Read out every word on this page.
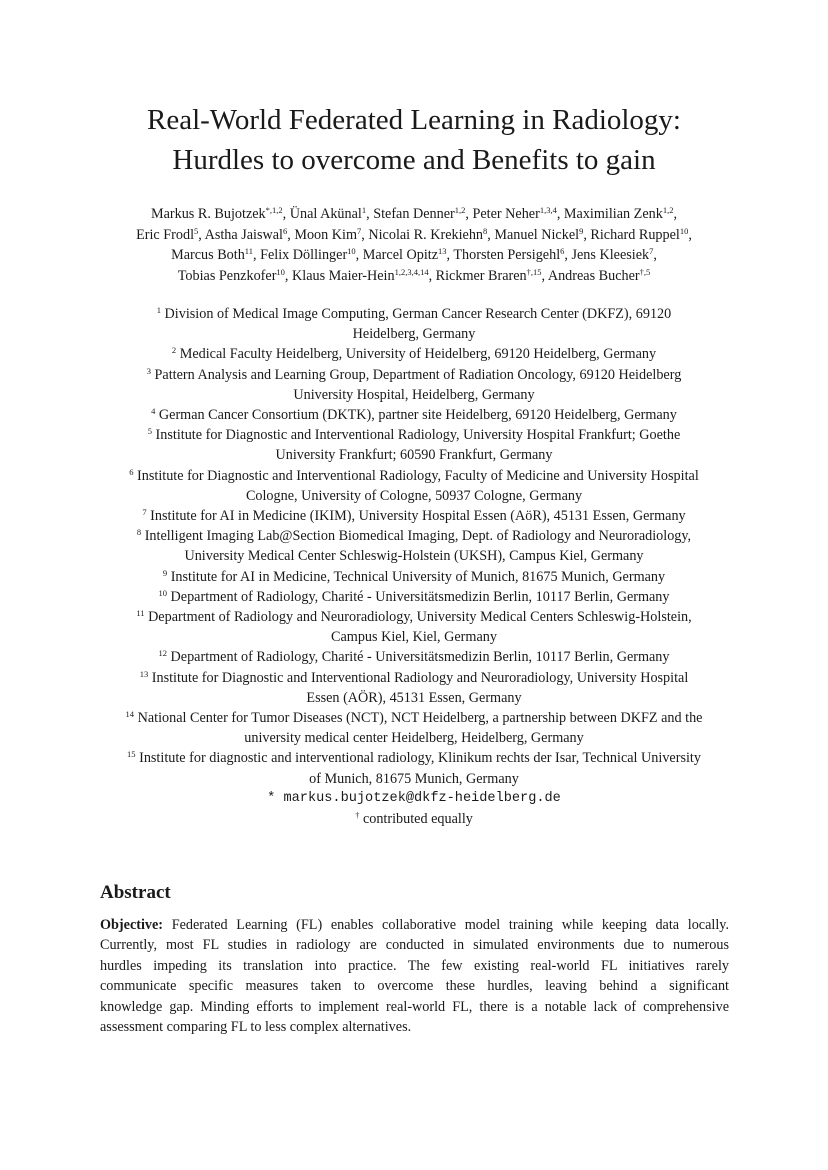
Real-World Federated Learning in Radiology:
Hurdles to overcome and Benefits to gain
Markus R. Bujotzek$^{*,1,2}$, Ünal Akünal$^1$, Stefan Denner$^{1,2}$, Peter Neher$^{1,3,4}$, Maximilian Zenk$^{1,2}$,
Eric Frodl$^5$, Astha Jaiswal$^6$, Moon Kim$^7$, Nicolai R. Krekiehn$^8$, Manuel Nickel$^9$, Richard Ruppel$^{10}$,
Marcus Both$^{11}$, Felix Döllinger$^{10}$, Marcel Opitz$^{13}$, Thorsten Persigehl$^6$, Jens Kleesiek$^7$,
Tobias Penzkofer$^{10}$, Klaus Maier-Hein$^{1,2,3,4,14}$, Rickmer Braren$^{\dagger,15}$, Andreas Bucher$^{\dagger,5}$
$^1$ Division of Medical Image Computing, German Cancer Research Center (DKFZ), 69120
Heidelberg, Germany
$^2$ Medical Faculty Heidelberg, University of Heidelberg, 69120 Heidelberg, Germany
$^3$ Pattern Analysis and Learning Group, Department of Radiation Oncology, 69120 Heidelberg
University Hospital, Heidelberg, Germany
$^4$ German Cancer Consortium (DKTK), partner site Heidelberg, 69120 Heidelberg, Germany
$^5$ Institute for Diagnostic and Interventional Radiology, University Hospital Frankfurt; Goethe
University Frankfurt; 60590 Frankfurt, Germany
$^6$ Institute for Diagnostic and Interventional Radiology, Faculty of Medicine and University Hospital
Cologne, University of Cologne, 50937 Cologne, Germany
$^7$ Institute for AI in Medicine (IKIM), University Hospital Essen (AöR), 45131 Essen, Germany
$^8$ Intelligent Imaging Lab@Section Biomedical Imaging, Dept. of Radiology and Neuroradiology,
University Medical Center Schleswig-Holstein (UKSH), Campus Kiel, Germany
$^9$ Institute for AI in Medicine, Technical University of Munich, 81675 Munich, Germany
$^{10}$ Department of Radiology, Charité - Universitätsmedizin Berlin, 10117 Berlin, Germany
$^{11}$ Department of Radiology and Neuroradiology, University Medical Centers Schleswig-Holstein,
Campus Kiel, Kiel, Germany
$^{12}$ Department of Radiology, Charité - Universitätsmedizin Berlin, 10117 Berlin, Germany
$^{13}$ Institute for Diagnostic and Interventional Radiology and Neuroradiology, University Hospital
Essen (AÖR), 45131 Essen, Germany
$^{14}$ National Center for Tumor Diseases (NCT), NCT Heidelberg, a partnership between DKFZ and the
university medical center Heidelberg, Heidelberg, Germany
$^{15}$ Institute for diagnostic and interventional radiology, Klinikum rechts der Isar, Technical University
of Munich, 81675 Munich, Germany
* markus.bujotzek@dkfz-heidelberg.de
† contributed equally
Abstract
Objective: Federated Learning (FL) enables collaborative model training while keeping data locally.
Currently, most FL studies in radiology are conducted in simulated environments due to numerous
hurdles impeding its translation into practice. The few existing real-world FL initiatives rarely
communicate specific measures taken to overcome these hurdles, leaving behind a significant
knowledge gap. Minding efforts to implement real-world FL, there is a notable lack of comprehensive
assessment comparing FL to less complex alternatives.
